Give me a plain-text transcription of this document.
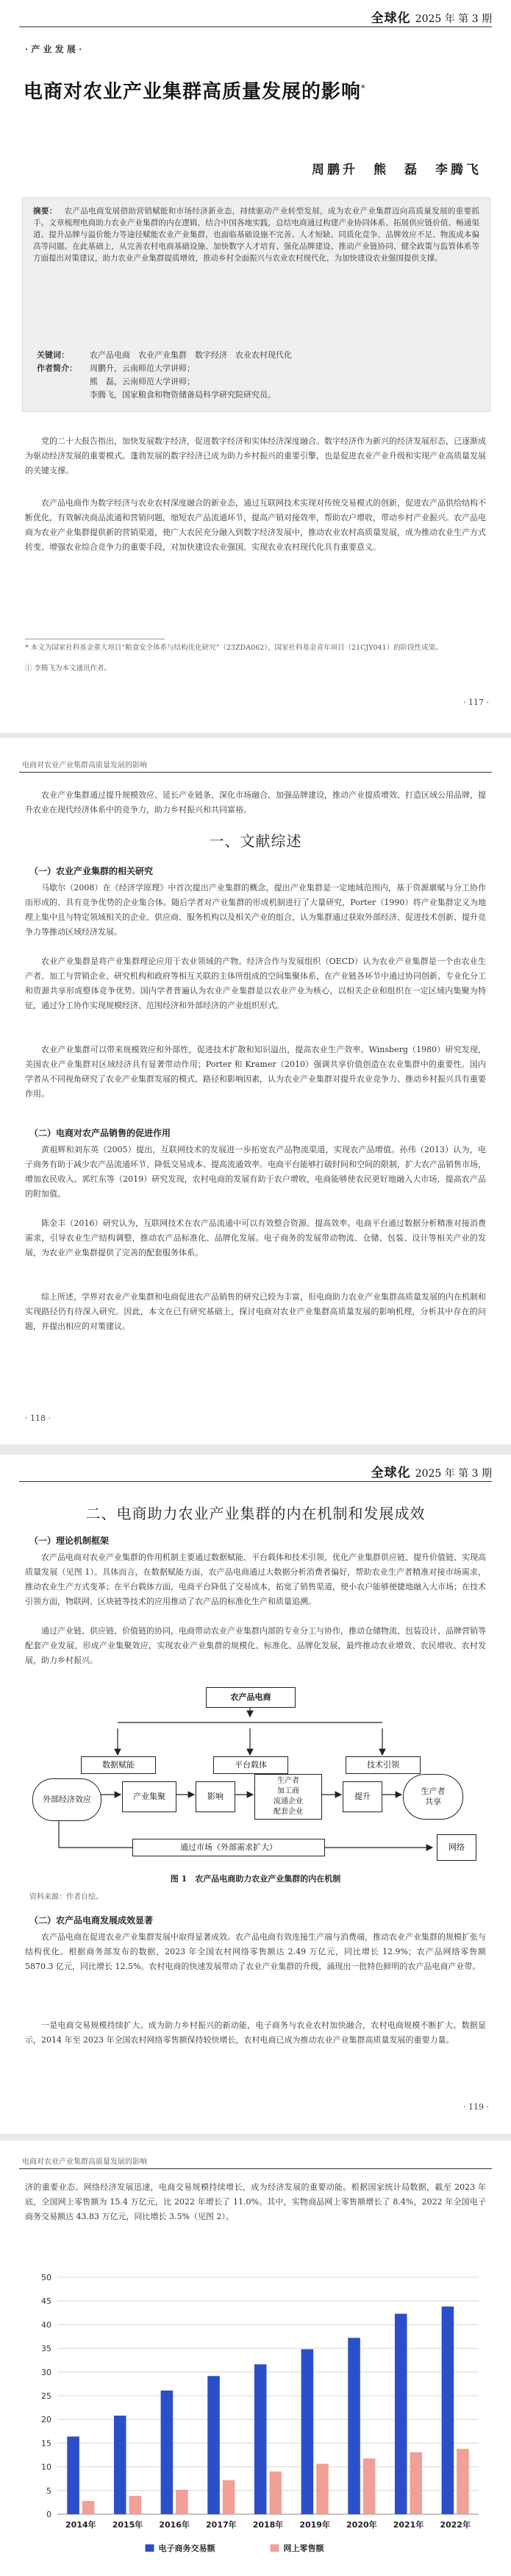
全球化 2025 年 第 3 期
· 产 业 发 展 ·
电商对农业产业集群高质量发展的影响*
周鹏升　熊　磊　李腾飞
摘要： 农产品电商发展借助营销赋能和市场经济新业态，持续驱动产业转型发展，成为农业产业集群迈向高质量发展的重要抓手。文章梳理电商助力农业产业集群的内在逻辑，结合中国各地实践，总结电商通过构建产业协同体系、拓展供应链价值、畅通渠道、提升品牌与溢价能力等途径赋能农业产业集群，也面临基础设施不完善、人才短缺、同质化竞争、品牌效应不足、物流成本偏高等问题。在此基础上，从完善农村电商基础设施、加快数字人才培育、强化品牌建设、推动产业链协同、健全政策与监管体系等方面提出对策建议，助力农业产业集群提质增效，推动乡村全面振兴与农业农村现代化，为加快建设农业强国提供支撑。
关键词：	农产品电商　农业产业集群　数字经济　农业农村现代化
作者简介： 周鹏升，云南师范大学讲师；
熊　磊，云南师范大学讲师；
李腾飞，国家粮食和物资储备局科学研究院研究员。
党的二十大报告指出，加快发展数字经济，促进数字经济和实体经济深度融合。数字经济作为新兴的经济发展形态，已逐渐成为驱动经济发展的重要模式。蓬勃发展的数字经济已成为助力乡村振兴的重要引擎，也是促进农业产业升级和实现产业高质量发展的关键支撑。
农产品电商作为数字经济与农业农村深度融合的新业态，通过互联网技术实现对传统交易模式的创新，促进农产品供给结构不断优化，有效解决商品流通和营销问题，缩短农产品流通环节，提高产销对接效率，帮助农户增收，带动乡村产业振兴。农产品电商为农业产业集群提供新的营销渠道，使广大农民充分融入到数字经济发展中，推动农业农村高质量发展，成为推动农业生产方式转变、增强农业综合竞争力的重要手段，对加快建设农业强国、实现农业农村现代化具有重要意义。
* 本文为国家社科基金重大项目“粮食安全体系与结构优化研究”（23ZDA062）、国家社科基金青年项目（21CJY041）的阶段性成果。
① 李腾飞为本文通讯作者。
· 117 ·
电商对农业产业集群高质量发展的影响
农业产业集群通过提升规模效应、延长产业链条、深化市场融合、加强品牌建设，推动产业提质增效、打造区域公用品牌，提升农业在现代经济体系中的竞争力，助力乡村振兴和共同富裕。
一、文献综述
（一）农业产业集群的相关研究
马歇尔（2008）在《经济学原理》中首次提出产业集群的概念，提出产业集群是一定地域范围内，基于资源禀赋与分工协作而形成的、具有竞争优势的企业集合体。随后学者对产业集群的形成机制进行了大量研究，Porter（1990）将产业集群定义为地理上集中且与特定领域相关的企业、供应商、服务机构以及相关产业的组合，认为集群通过获取外部经济、促进技术创新、提升竞争力等推动区域经济发展。
农业产业集群是将产业集群理论应用于农业领域的产物。经济合作与发展组织（OECD）认为农业产业集群是一个由农业生产者、加工与营销企业、研究机构和政府等相互关联的主体所组成的空间集聚体系，在产业链各环节中通过协同创新、专业化分工和资源共享形成整体竞争优势。国内学者普遍认为农业产业集群是以农业产业为核心，以相关企业和组织在一定区域内集聚为特征，通过分工协作实现规模经济、范围经济和外部经济的产业组织形式。
农业产业集群可以带来规模效应和外部性，促进技术扩散和知识溢出，提高农业生产效率。Winsberg（1980）研究发现，美国农业产业集群对区域经济具有显著带动作用；Porter 和 Kramer（2010）强调共享价值创造在农业集群中的重要性。国内学者从不同视角研究了农业产业集群发展的模式、路径和影响因素，认为农业产业集群对提升农业竞争力、推动乡村振兴具有重要作用。
（二）电商对农产品销售的促进作用
黄祖辉和刘东英（2005）提出，互联网技术的发展进一步拓宽农产品物流渠道，实现农产品增值。孙伟（2013）认为，电子商务有助于减少农产品流通环节、降低交易成本、提高流通效率。电商平台能够打破时间和空间的限制，扩大农产品销售市场，增加农民收入。郭红东等（2019）研究发现，农村电商的发展有助于农户增收，电商能够使农民更好地融入大市场，提高农产品的附加值。
陈金丰（2016）研究认为，互联网技术在农产品流通中可以有效整合资源、提高效率。电商平台通过数据分析精准对接消费需求，引导农业生产结构调整，推动农产品标准化、品牌化发展。电子商务的发展带动物流、仓储、包装、设计等相关产业的发展，为农业产业集群提供了完善的配套服务体系。
综上所述，学界对农业产业集群和电商促进农产品销售的研究已较为丰富，但电商助力农业产业集群高质量发展的内在机制和实现路径仍有待深入研究。因此，本文在已有研究基础上，探讨电商对农业产业集群高质量发展的影响机理，分析其中存在的问题，并提出相应的对策建议。
· 118 ·
全球化 2025 年 第 3 期
二、电商助力农业产业集群的内在机制和发展成效
（一）理论机制框架
农产品电商对农业产业集群的作用机制主要通过数据赋能、平台载体和技术引领，优化产业集群供应链、提升价值链、实现高质量发展（见图 1）。具体而言，在数据赋能方面，农产品电商通过大数据分析消费者偏好，帮助农业生产者精准对接市场需求，推动农业生产方式变革；在平台载体方面，电商平台降低了交易成本，拓宽了销售渠道，使小农户能够便捷地融入大市场；在技术引领方面，物联网、区块链等技术的应用推动了农产品的标准化生产和质量追溯。
通过产业链、供应链、价值链的协同，电商带动农业产业集群内部的专业分工与协作，推动仓储物流、包装设计、品牌营销等配套产业发展，形成产业集聚效应，实现农业产业集群的规模化、标准化、品牌化发展，最终推动农业增效、农民增收、农村发展，助力乡村振兴。
农产品电商
数据赋能	平台载体	技术引领
外部经济效应	产业集聚	影响
生产者
加工商
流通企业
配套企业
提升
生产者
共享
通过市场（外部需求扩大）	网络
图 1　农产品电商助力农业产业集群的内在机制
资料来源：作者自绘。
（二）农产品电商发展成效显著
农产品电商在促进农业产业集群发展中取得显著成效。农产品电商有效连接生产端与消费端，推动农业产业集群的规模扩张与结构优化。根据商务部发布的数据，2023 年全国农村网络零售额达 2.49 万亿元，同比增长 12.9%；农产品网络零售额 5870.3 亿元，同比增长 12.5%。农村电商的快速发展带动了农业产业集群的升级，涌现出一批特色鲜明的农产品电商产业带。
一是电商交易规模持续扩大。成为助力乡村振兴的新动能，电子商务与农业农村加快融合，农村电商规模不断扩大。数据显示，2014 年至 2023 年全国农村网络零售额保持较快增长，农村电商已成为推动农业产业集群高质量发展的重要力量。
· 119 ·
电商对农业产业集群高质量发展的影响
济的重要业态。网络经济发展迅速，电商交易规模持续增长，成为经济发展的重要动能。根据国家统计局数据，截至 2023 年底，全国网上零售额为 15.4 万亿元，比 2022 年增长了 11.0%。其中，实物商品网上零售额增长了 8.4%，2022 年全国电子商务交易额达 43.83 万亿元，同比增长 3.5%（见图 2）。
0
5
10
15
20
25
30
35
40
45
50
2014年 2015年 2016年 2017年 2018年 2019年 2020年 2021年 2022年
电子商务交易额	网上零售额
